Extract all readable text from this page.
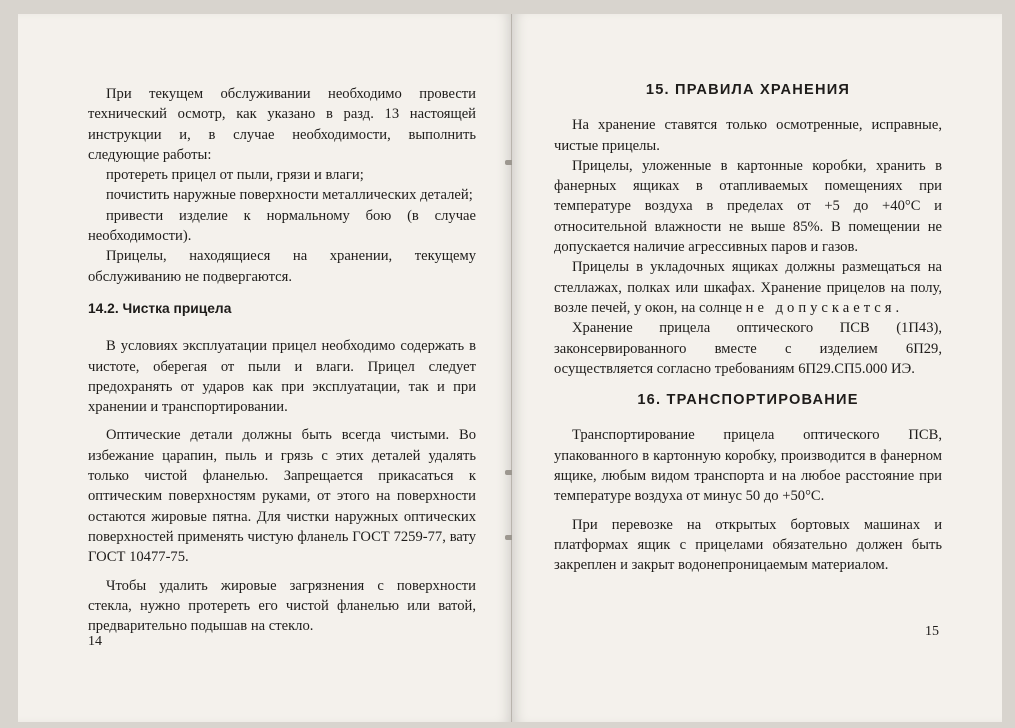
При текущем обслуживании необходимо провести технический осмотр, как указано в разд. 13 настоящей инструкции и, в случае необходимости, выполнить следующие работы:

протереть прицел от пыли, грязи и влаги;

почистить наружные поверхности металлических деталей;

привести изделие к нормальному бою (в случае необходимости).

Прицелы, находящиеся на хранении, текущему обслуживанию не подвергаются.

14.2. Чистка прицела

В условиях эксплуатации прицел необходимо содержать в чистоте, оберегая от пыли и влаги. Прицел следует предохранять от ударов как при эксплуатации, так и при хранении и транспортировании.

Оптические детали должны быть всегда чистыми. Во избежание царапин, пыль и грязь с этих деталей удалять только чистой фланелью. Запрещается прикасаться к оптическим поверхностям руками, от этого на поверхности остаются жировые пятна. Для чистки наружных оптических поверхностей применять чистую фланель ГОСТ 7259-77, вату ГОСТ 10477-75.

Чтобы удалить жировые загрязнения с поверхности стекла, нужно протереть его чистой фланелью или ватой, предварительно подышав на стекло.

14
15. ПРАВИЛА ХРАНЕНИЯ

На хранение ставятся только осмотренные, исправные, чистые прицелы.

Прицелы, уложенные в картонные коробки, хранить в фанерных ящиках в отапливаемых помещениях при температуре воздуха в пределах от +5 до +40°С и относительной влажности не выше 85%. В помещении не допускается наличие агрессивных паров и газов.

Прицелы в укладочных ящиках должны размещаться на стеллажах, полках или шкафах. Хранение прицелов на полу, возле печей, у окон, на солнце не допускается.

Хранение прицела оптического ПСВ (1П43), законсервированного вместе с изделием 6П29, осуществляется согласно требованиям 6П29.СП5.000 ИЭ.

16. ТРАНСПОРТИРОВАНИЕ

Транспортирование прицела оптического ПСВ, упакованного в картонную коробку, производится в фанерном ящике, любым видом транспорта и на любое расстояние при температуре воздуха от минус 50 до +50°С.

При перевозке на открытых бортовых машинах и платформах ящик с прицелами обязательно должен быть закреплен и закрыт водонепроницаемым материалом.

15
